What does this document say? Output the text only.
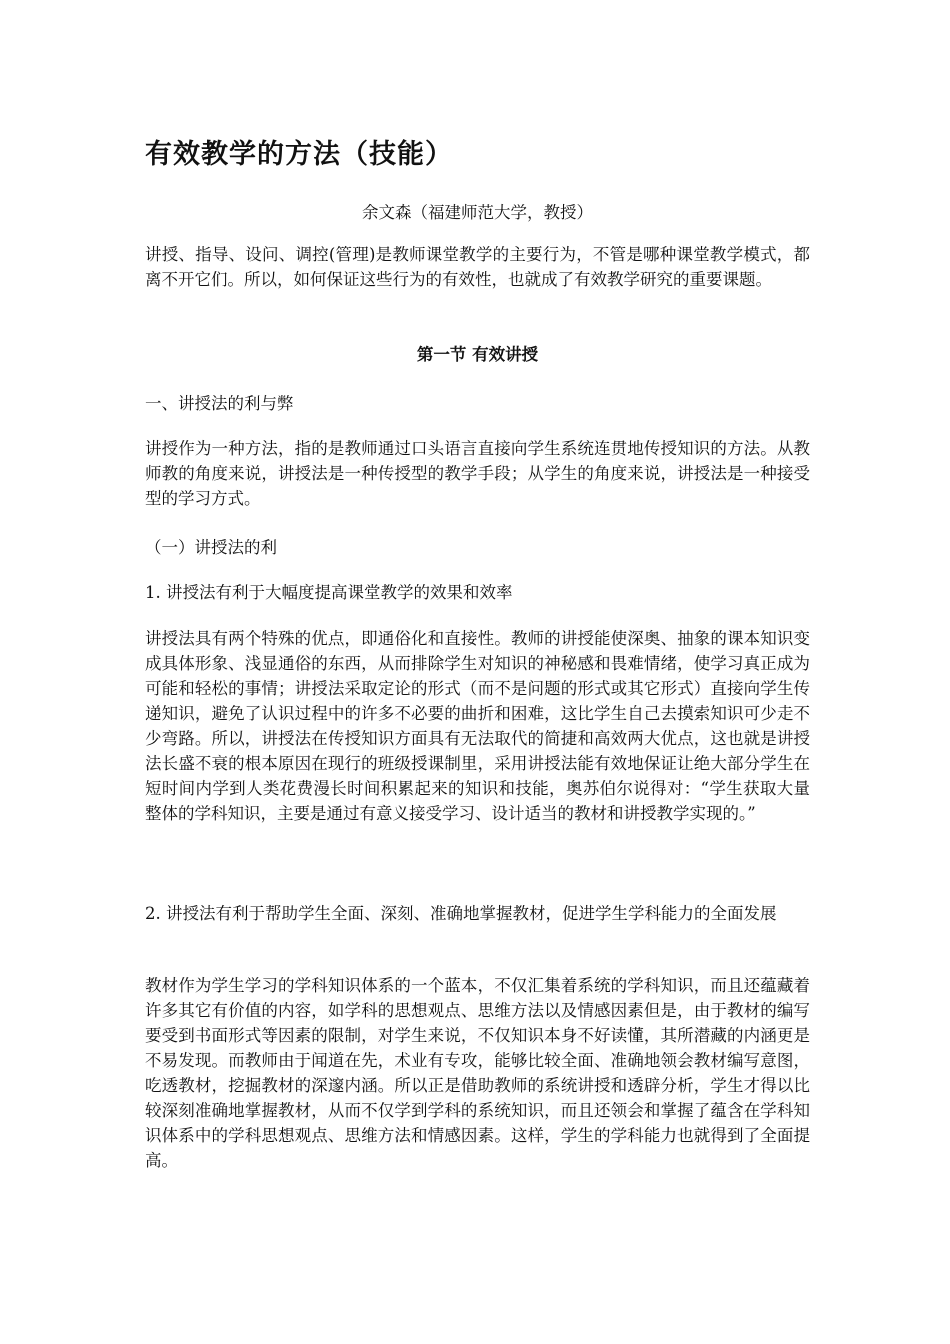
有效教学的方法（技能）

余文森（福建师范大学，教授）

讲授、指导、设问、调控(管理)是教师课堂教学的主要行为，不管是哪种课堂教学模式，都离不开它们。所以，如何保证这些行为的有效性，也就成了有效教学研究的重要课题。

第一节 有效讲授

一、讲授法的利与弊

讲授作为一种方法，指的是教师通过口头语言直接向学生系统连贯地传授知识的方法。从教师教的角度来说，讲授法是一种传授型的教学手段；从学生的角度来说，讲授法是一种接受型的学习方式。

（一）讲授法的利

1. 讲授法有利于大幅度提高课堂教学的效果和效率

讲授法具有两个特殊的优点，即通俗化和直接性。教师的讲授能使深奥、抽象的课本知识变成具体形象、浅显通俗的东西，从而排除学生对知识的神秘感和畏难情绪，使学习真正成为可能和轻松的事情；讲授法采取定论的形式（而不是问题的形式或其它形式）直接向学生传递知识，避免了认识过程中的许多不必要的曲折和困难，这比学生自己去摸索知识可少走不少弯路。所以，讲授法在传授知识方面具有无法取代的简捷和高效两大优点，这也就是讲授法长盛不衰的根本原因在现行的班级授课制里，采用讲授法能有效地保证让绝大部分学生在短时间内学到人类花费漫长时间积累起来的知识和技能，奥苏伯尔说得对：“学生获取大量整体的学科知识，主要是通过有意义接受学习、设计适当的教材和讲授教学实现的。”

2. 讲授法有利于帮助学生全面、深刻、准确地掌握教材，促进学生学科能力的全面发展

教材作为学生学习的学科知识体系的一个蓝本，不仅汇集着系统的学科知识，而且还蕴藏着许多其它有价值的内容，如学科的思想观点、思维方法以及情感因素但是，由于教材的编写要受到书面形式等因素的限制，对学生来说，不仅知识本身不好读懂，其所潜藏的内涵更是不易发现。而教师由于闻道在先，术业有专攻，能够比较全面、准确地领会教材编写意图，吃透教材，挖掘教材的深邃内涵。所以正是借助教师的系统讲授和透辟分析，学生才得以比较深刻准确地掌握教材，从而不仅学到学科的系统知识，而且还领会和掌握了蕴含在学科知识体系中的学科思想观点、思维方法和情感因素。这样，学生的学科能力也就得到了全面提高。
